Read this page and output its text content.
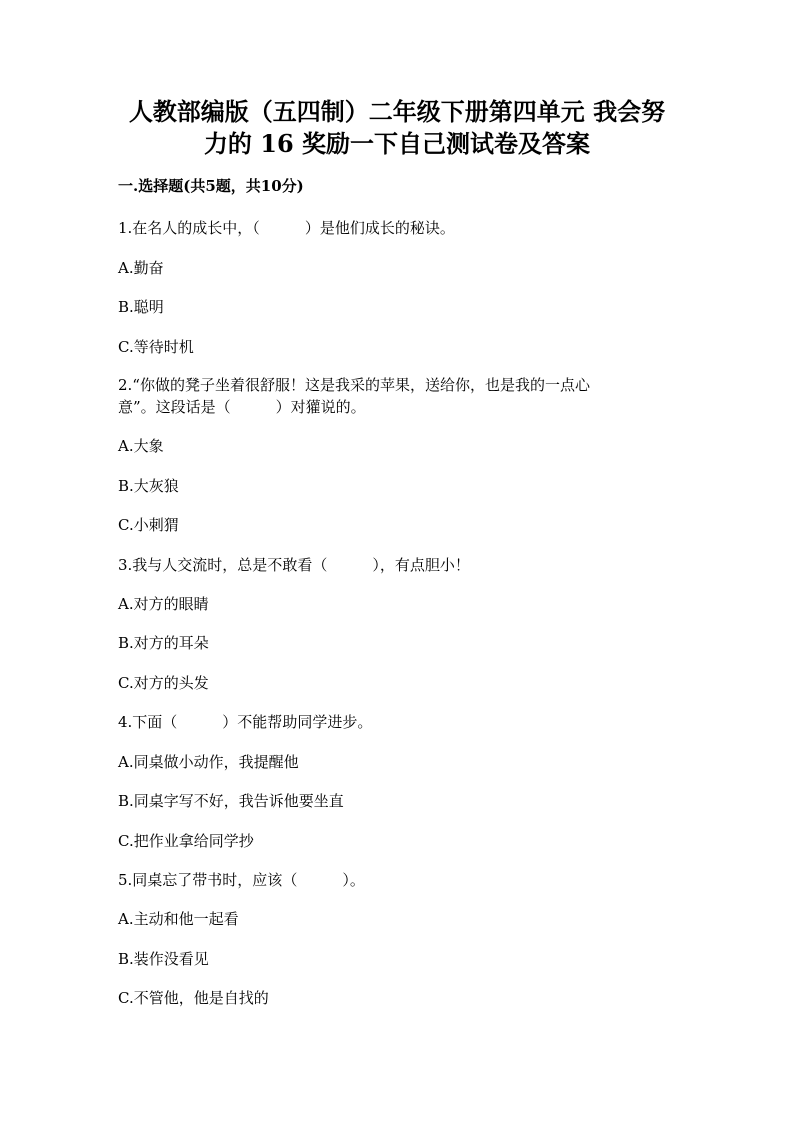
人教部编版（五四制）二年级下册第四单元 我会努
力的 16 奖励一下自己测试卷及答案
一.选择题(共5题，共10分)
1.在名人的成长中，（　　　）是他们成长的秘诀。
A.勤奋
B.聪明
C.等待时机
2.“你做的凳子坐着很舒服！这是我采的苹果，送给你，也是我的一点心
意”。这段话是（　　　）对獾说的。
A.大象
B.大灰狼
C.小刺猬
3.我与人交流时，总是不敢看（　　　），有点胆小！
A.对方的眼睛
B.对方的耳朵
C.对方的头发
4.下面（　　　）不能帮助同学进步。
A.同桌做小动作，我提醒他
B.同桌字写不好，我告诉他要坐直
C.把作业拿给同学抄
5.同桌忘了带书时，应该（　　　）。
A.主动和他一起看
B.装作没看见
C.不管他，他是自找的
